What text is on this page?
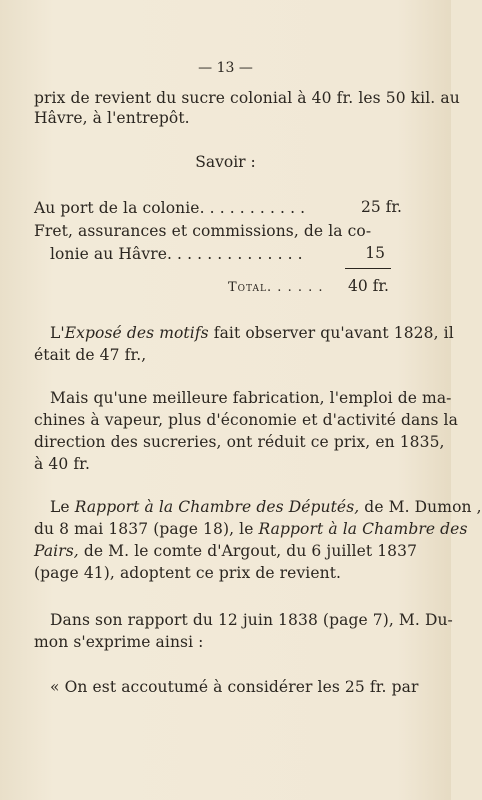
— 13 —
prix de revient du sucre colonial à 40 fr. les 50 kil. au
Hâvre, à l'entrepôt.
Savoir :
Au port de la colonie. . . . . . . . . . .	25 fr.
Fret, assurances et commissions, de la co-
lonie au Hâvre. . . . . . . . . . . . . .	15
Total. . . . . .	40 fr.
L'Exposé des motifs fait observer qu'avant 1828, il
était de 47 fr.,
Mais qu'une meilleure fabrication, l'emploi de ma-
chines à vapeur, plus d'économie et d'activité dans la
direction des sucreries, ont réduit ce prix, en 1835,
à 40 fr.
Le Rapport à la Chambre des Députés, de M. Dumon ,
du 8 mai 1837 (page 18), le Rapport à la Chambre des
Pairs, de M. le comte d'Argout, du 6 juillet 1837
(page 41), adoptent ce prix de revient.
Dans son rapport du 12 juin 1838 (page 7), M. Du-
mon s'exprime ainsi :
« On est accoutumé à considérer les 25 fr. par
